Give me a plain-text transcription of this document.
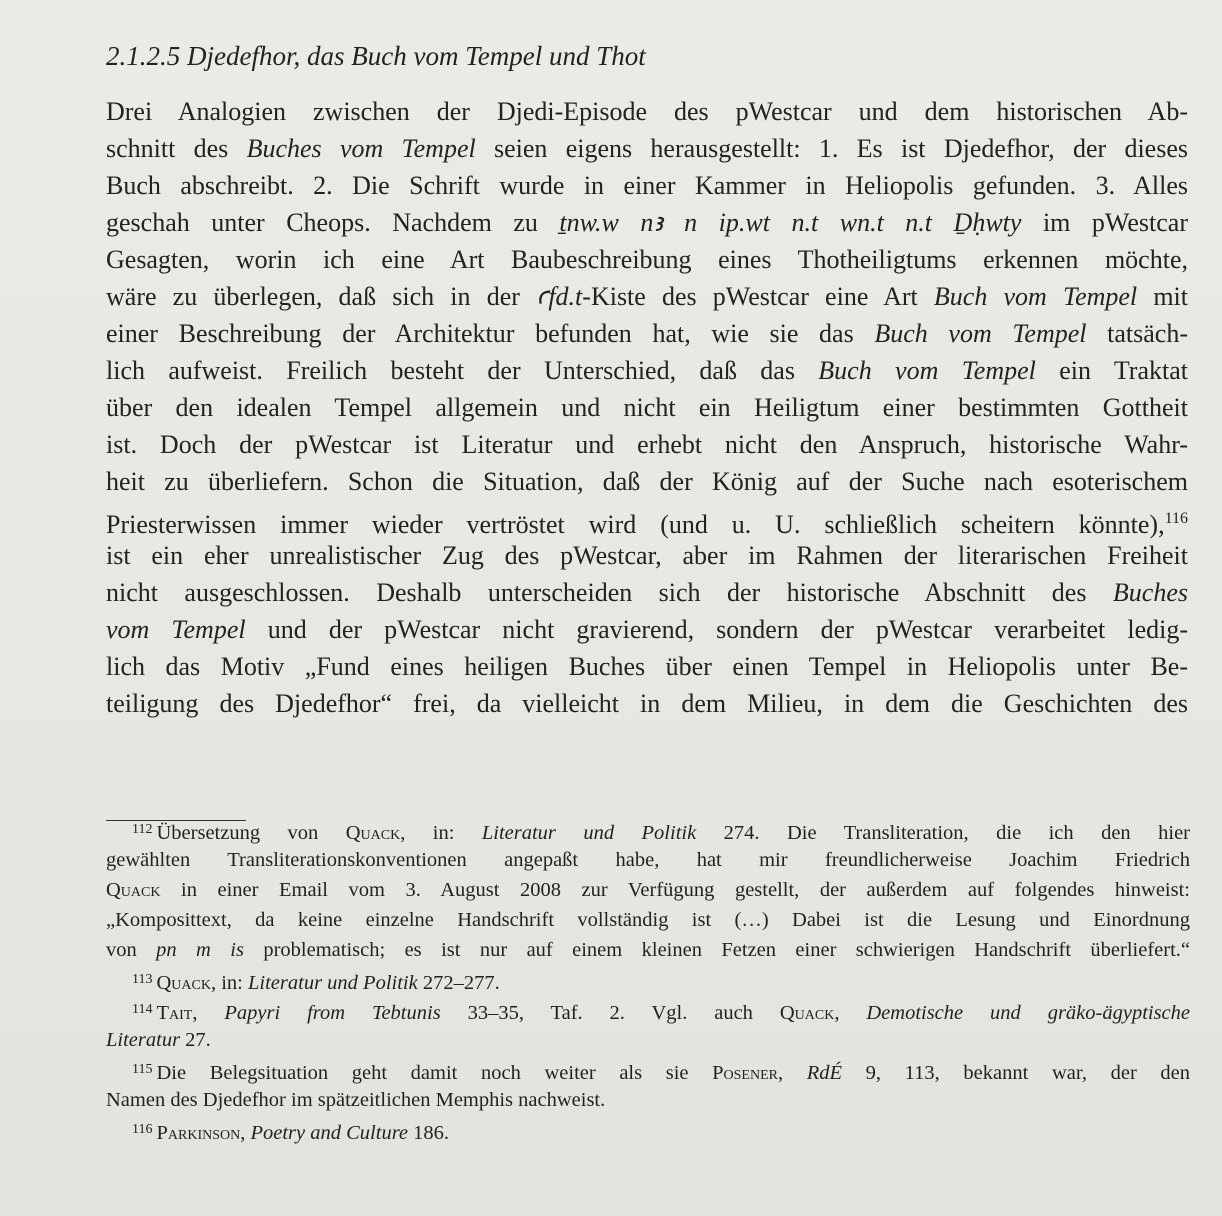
2.1.2.5 Djedefhor, das Buch vom Tempel und Thot
Drei Analogien zwischen der Djedi-Episode des pWestcar und dem historischen Ab-
schnitt des Buches vom Tempel seien eigens herausgestellt: 1. Es ist Djedefhor, der dieses
Buch abschreibt. 2. Die Schrift wurde in einer Kammer in Heliopolis gefunden. 3. Alles
geschah unter Cheops. Nachdem zu ṯnw.w nꜣ n ip.wt n.t wn.t n.t Ḏḥwty im pWestcar
Gesagten, worin ich eine Art Baubeschreibung eines Thotheiligtums erkennen möchte,
wäre zu überlegen, daß sich in der ꜥfd.t-Kiste des pWestcar eine Art Buch vom Tempel mit
einer Beschreibung der Architektur befunden hat, wie sie das Buch vom Tempel tatsäch-
lich aufweist. Freilich besteht der Unterschied, daß das Buch vom Tempel ein Traktat
über den idealen Tempel allgemein und nicht ein Heiligtum einer bestimmten Gottheit
ist. Doch der pWestcar ist Literatur und erhebt nicht den Anspruch, historische Wahr-
heit zu überliefern. Schon die Situation, daß der König auf der Suche nach esoterischem
Priesterwissen immer wieder vertröstet wird (und u. U. schließlich scheitern könnte),$^{116}$
ist ein eher unrealistischer Zug des pWestcar, aber im Rahmen der literarischen Freiheit
nicht ausgeschlossen. Deshalb unterscheiden sich der historische Abschnitt des Buches
vom Tempel und der pWestcar nicht gravierend, sondern der pWestcar verarbeitet ledig-
lich das Motiv „Fund eines heiligen Buches über einen Tempel in Heliopolis unter Be-
teiligung des Djedefhor“ frei, da vielleicht in dem Milieu, in dem die Geschichten des
$^{112}$ Übersetzung von Quack, in: Literatur und Politik 274. Die Transliteration, die ich den hier
gewählten Transliterationskonventionen angepaßt habe, hat mir freundlicherweise Joachim Friedrich
Quack in einer Email vom 3. August 2008 zur Verfügung gestellt, der außerdem auf folgendes hinweist:
„Komposittext, da keine einzelne Handschrift vollständig ist (…) Dabei ist die Lesung und Einordnung
von pn m is problematisch; es ist nur auf einem kleinen Fetzen einer schwierigen Handschrift überliefert.“
$^{113}$ Quack, in: Literatur und Politik 272–277.
$^{114}$ Tait, Papyri from Tebtunis 33–35, Taf. 2. Vgl. auch Quack, Demotische und gräko-ägyptische
Literatur 27.
$^{115}$ Die Belegsituation geht damit noch weiter als sie Posener, RdÉ 9, 113, bekannt war, der den
Namen des Djedefhor im spätzeitlichen Memphis nachweist.
$^{116}$ Parkinson, Poetry and Culture 186.
